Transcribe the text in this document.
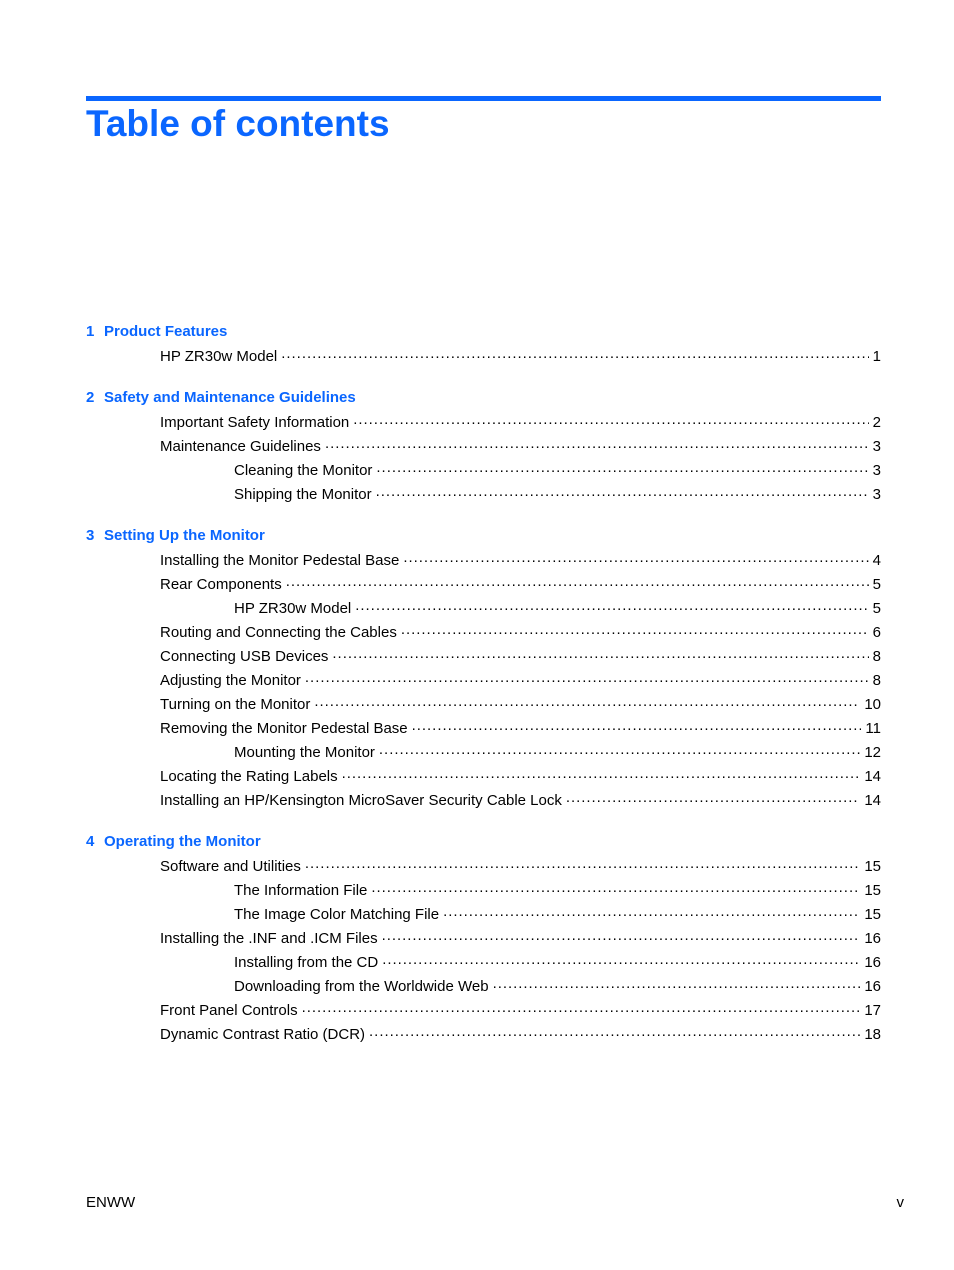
Table of contents
1 Product Features
HP ZR30w Model . . .	1
2 Safety and Maintenance Guidelines
Important Safety Information . . .	2
Maintenance Guidelines . . .	3
Cleaning the Monitor . . .	3
Shipping the Monitor . . .	3
3 Setting Up the Monitor
Installing the Monitor Pedestal Base . . .	4
Rear Components . . .	5
HP ZR30w Model . . .	5
Routing and Connecting the Cables . . .	6
Connecting USB Devices . . .	8
Adjusting the Monitor . . .	8
Turning on the Monitor . . .	10
Removing the Monitor Pedestal Base . . .	11
Mounting the Monitor . . .	12
Locating the Rating Labels . . .	14
Installing an HP/Kensington MicroSaver Security Cable Lock . . .	14
4 Operating the Monitor
Software and Utilities . . .	15
The Information File . . .	15
The Image Color Matching File . . .	15
Installing the .INF and .ICM Files . . .	16
Installing from the CD . . .	16
Downloading from the Worldwide Web . . .	16
Front Panel Controls . . .	17
Dynamic Contrast Ratio (DCR) . . .	18
ENWW	v
